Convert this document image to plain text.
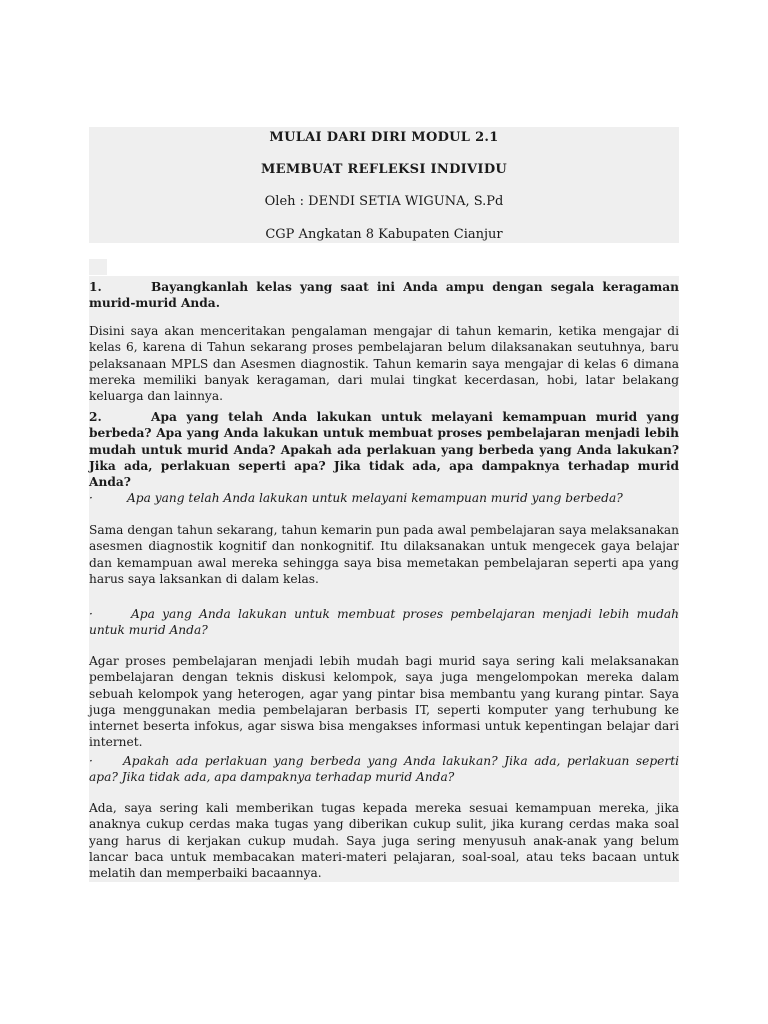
MULAI DARI DIRI MODUL 2.1
MEMBUAT REFLEKSI INDIVIDU
Oleh : DENDI SETIA WIGUNA, S.Pd
CGP Angkatan 8 Kabupaten Cianjur
1.	Bayangkanlah kelas yang saat ini Anda ampu dengan segala keragaman murid-murid Anda.
Disini saya akan menceritakan pengalaman mengajar di tahun kemarin, ketika mengajar di kelas 6, karena di Tahun sekarang proses pembelajaran belum dilaksanakan seutuhnya, baru pelaksanaan MPLS dan Asesmen diagnostik. Tahun kemarin saya mengajar di kelas 6 dimana mereka memiliki banyak keragaman, dari mulai tingkat kecerdasan, hobi, latar belakang keluarga dan lainnya.
2.	Apa yang telah Anda lakukan untuk melayani kemampuan murid yang berbeda? Apa yang Anda lakukan untuk membuat proses pembelajaran menjadi lebih mudah untuk murid Anda? Apakah ada perlakuan yang berbeda yang Anda lakukan? Jika ada, perlakuan seperti apa? Jika tidak ada, apa dampaknya terhadap murid Anda?
·	Apa yang telah Anda lakukan untuk melayani kemampuan murid yang berbeda?
Sama dengan tahun sekarang, tahun kemarin pun pada awal pembelajaran saya melaksanakan asesmen diagnostik kognitif dan nonkognitif. Itu dilaksanakan untuk mengecek gaya belajar dan kemampuan awal mereka sehingga saya bisa memetakan pembelajaran seperti apa yang harus saya laksankan di dalam kelas.
·	Apa yang Anda lakukan untuk membuat proses pembelajaran menjadi lebih mudah untuk murid Anda?
Agar proses pembelajaran menjadi lebih mudah bagi murid saya sering kali melaksanakan pembelajaran dengan teknis diskusi kelompok, saya juga mengelompokan mereka dalam sebuah kelompok yang heterogen, agar yang pintar bisa membantu yang kurang pintar. Saya juga menggunakan media pembelajaran berbasis IT, seperti komputer yang terhubung ke internet beserta infokus, agar siswa bisa mengakses informasi untuk kepentingan belajar dari internet.
· Apakah ada perlakuan yang berbeda yang Anda lakukan? Jika ada, perlakuan seperti apa? Jika tidak ada, apa dampaknya terhadap murid Anda?
Ada, saya sering kali memberikan tugas kepada mereka sesuai kemampuan mereka, jika anaknya cukup cerdas maka tugas yang diberikan cukup sulit, jika kurang cerdas maka soal yang harus di kerjakan cukup mudah. Saya juga sering menyusuh anak-anak yang belum lancar baca untuk membacakan materi-materi pelajaran, soal-soal, atau teks bacaan untuk melatih dan memperbaiki bacaannya.
